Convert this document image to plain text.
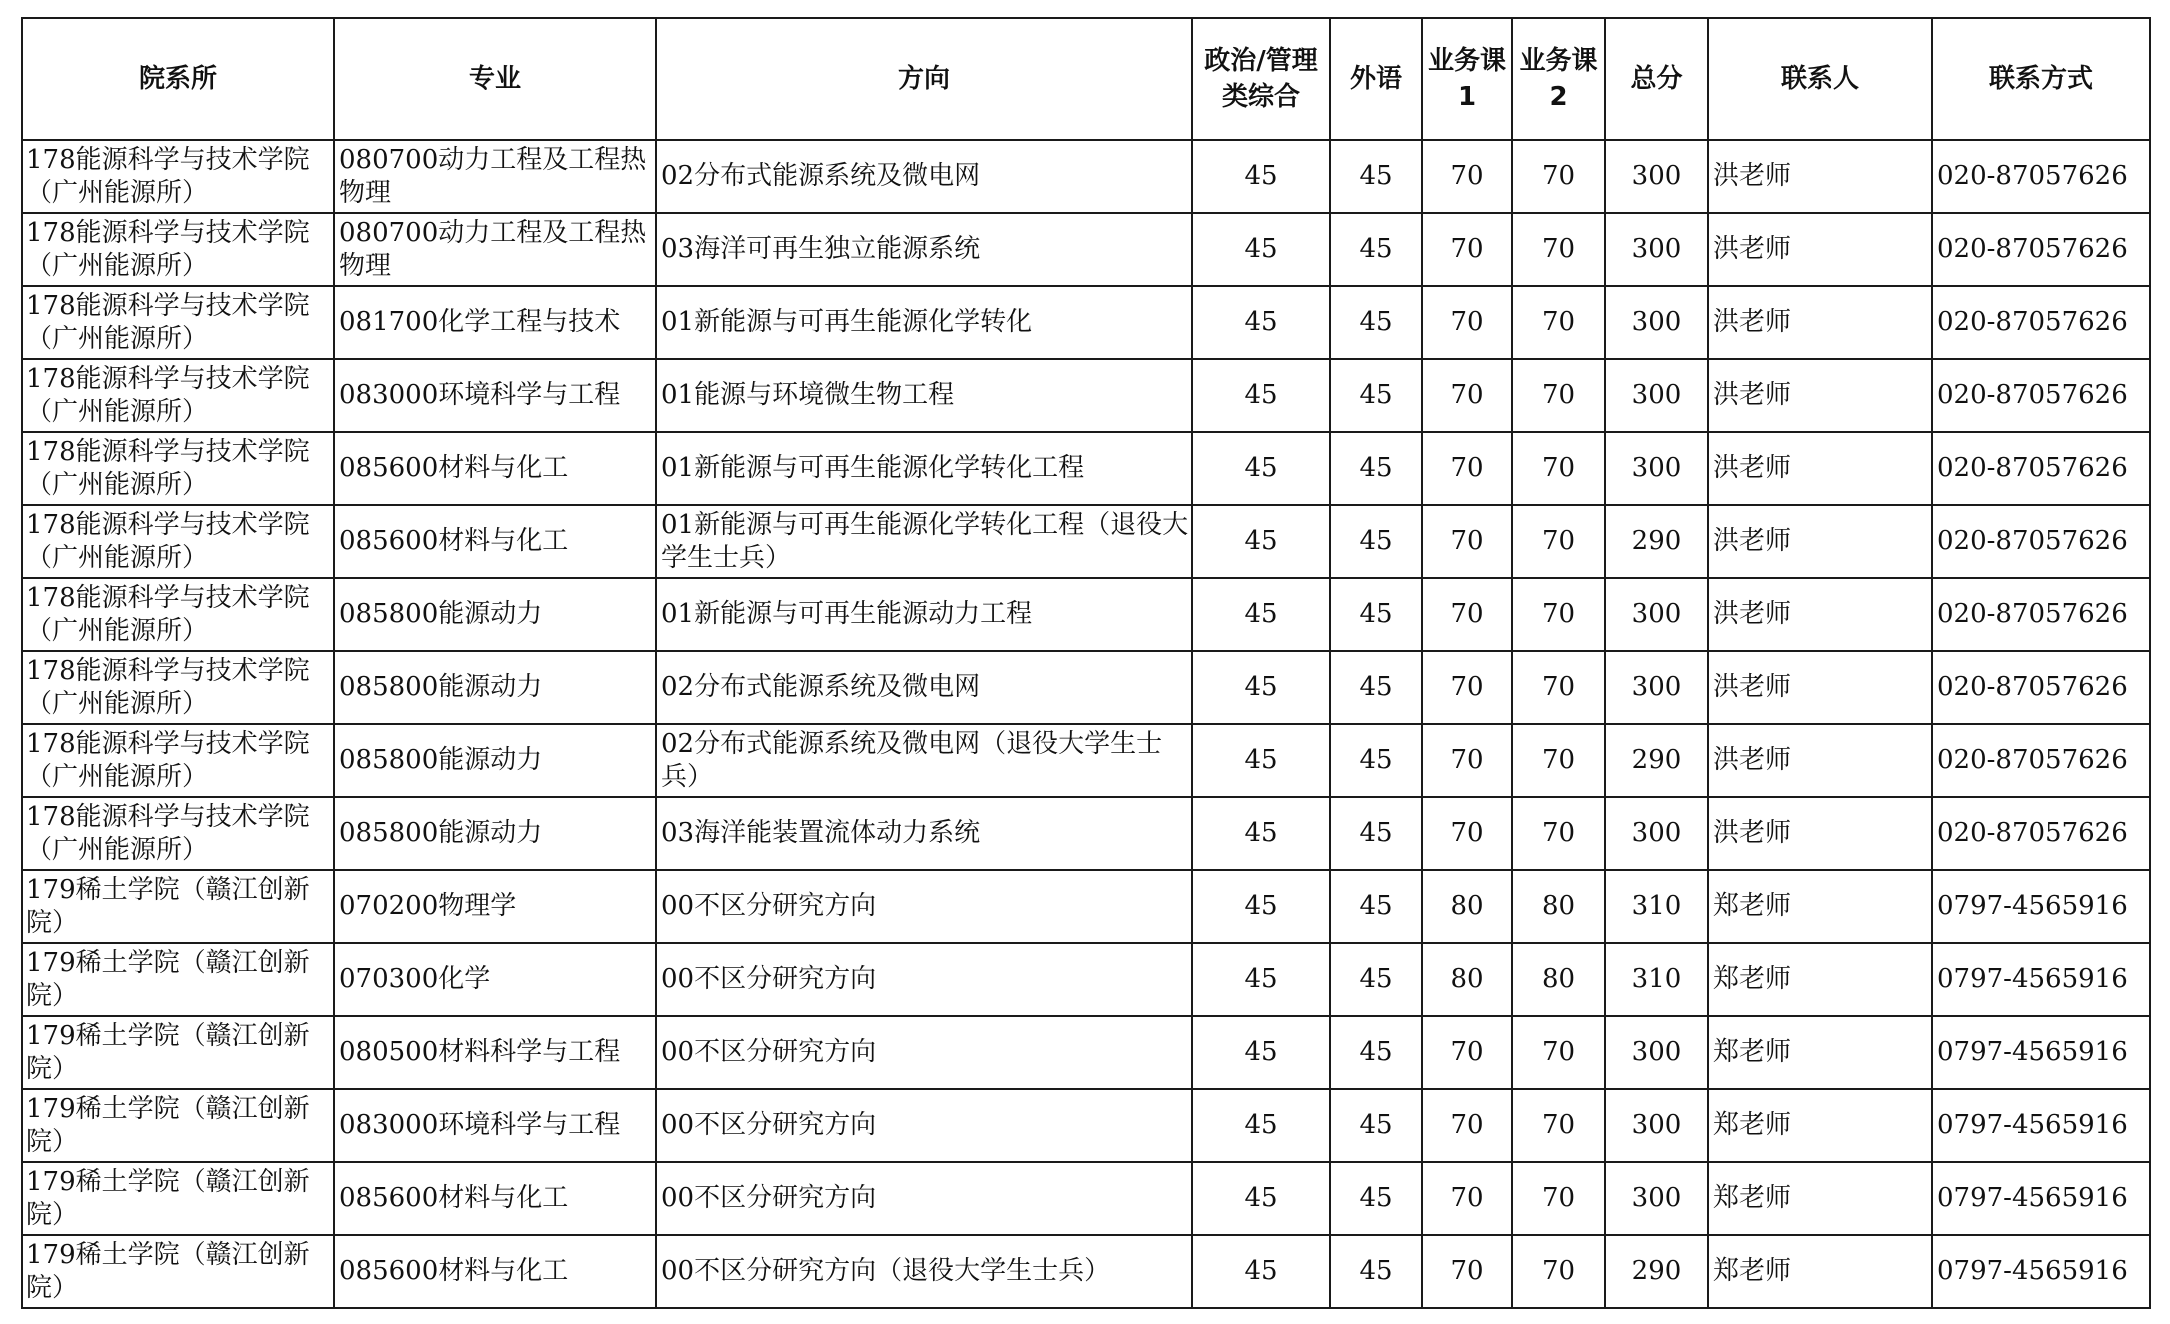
院系所	专业	方向	政治/管理类综合	外语	业务课1	业务课2	总分	联系人	联系方式
178能源科学与技术学院（广州能源所）	080700动力工程及工程热物理	02分布式能源系统及微电网	45	45	70	70	300	洪老师	020-87057626
178能源科学与技术学院（广州能源所）	080700动力工程及工程热物理	03海洋可再生独立能源系统	45	45	70	70	300	洪老师	020-87057626
178能源科学与技术学院（广州能源所）	081700化学工程与技术	01新能源与可再生能源化学转化	45	45	70	70	300	洪老师	020-87057626
178能源科学与技术学院（广州能源所）	083000环境科学与工程	01能源与环境微生物工程	45	45	70	70	300	洪老师	020-87057626
178能源科学与技术学院（广州能源所）	085600材料与化工	01新能源与可再生能源化学转化工程	45	45	70	70	300	洪老师	020-87057626
178能源科学与技术学院（广州能源所）	085600材料与化工	01新能源与可再生能源化学转化工程（退役大学生士兵）	45	45	70	70	290	洪老师	020-87057626
178能源科学与技术学院（广州能源所）	085800能源动力	01新能源与可再生能源动力工程	45	45	70	70	300	洪老师	020-87057626
178能源科学与技术学院（广州能源所）	085800能源动力	02分布式能源系统及微电网	45	45	70	70	300	洪老师	020-87057626
178能源科学与技术学院（广州能源所）	085800能源动力	02分布式能源系统及微电网（退役大学生士兵）	45	45	70	70	290	洪老师	020-87057626
178能源科学与技术学院（广州能源所）	085800能源动力	03海洋能装置流体动力系统	45	45	70	70	300	洪老师	020-87057626
179稀土学院（赣江创新院）	070200物理学	00不区分研究方向	45	45	80	80	310	郑老师	0797-4565916
179稀土学院（赣江创新院）	070300化学	00不区分研究方向	45	45	80	80	310	郑老师	0797-4565916
179稀土学院（赣江创新院）	080500材料科学与工程	00不区分研究方向	45	45	70	70	300	郑老师	0797-4565916
179稀土学院（赣江创新院）	083000环境科学与工程	00不区分研究方向	45	45	70	70	300	郑老师	0797-4565916
179稀土学院（赣江创新院）	085600材料与化工	00不区分研究方向	45	45	70	70	300	郑老师	0797-4565916
179稀土学院（赣江创新院）	085600材料与化工	00不区分研究方向（退役大学生士兵）	45	45	70	70	290	郑老师	0797-4565916
